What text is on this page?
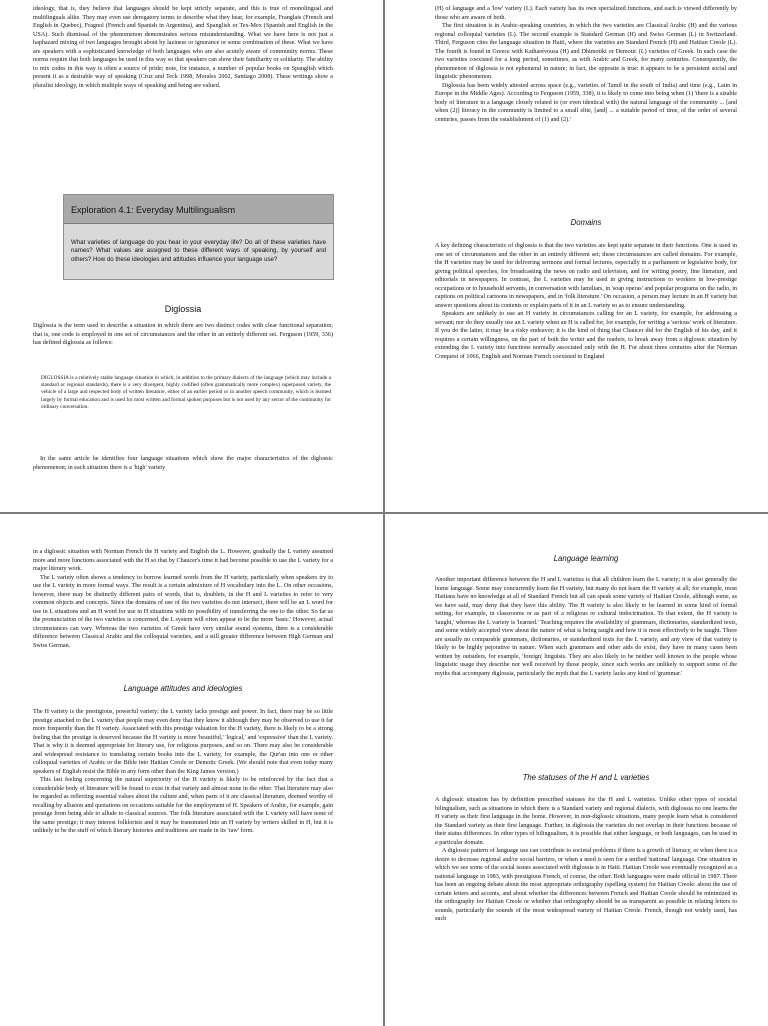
ideology, that is, they believe that languages should be kept strictly separate, and this is true of monolingual and multilinguals alike. They may even use derogatory terms to describe what they hear, for example, Franglais (French and English in Quebec), Fragnol (French and Spanish in Argentina), and Spanglish or Tex-Mex (Spanish and English in the USA). Such dismissal of the phenomenon demonstrates serious misunderstanding. What we have here is not just a haphazard mixing of two languages brought about by laziness or ignorance or some combination of these. What we have are speakers with a sophisticated knowledge of both languages who are also acutely aware of community norms. These norms require that both languages be used in this way so that speakers can show their familiarity or solidarity. The ability to mix codes in this way is often a source of pride; note, for instance, a number of popular books on Spanglish which present it as a desirable way of speaking (Cruz and Teck 1998, Morales 2002, Santiago 2008). These writings show a pluralist ideology, in which multiple ways of speaking and being are valued.

Exploration 4.1: Everyday Multilingualism
What varieties of language do you hear in your everyday life? Do all of these varieties have names? What values are assigned to these different ways of speaking, by yourself and others? How do these ideologies and attitudes influence your language use?
Diglossia

Diglossia is the term used to describe a situation in which there are two distinct codes with clear functional separation; that is, one code is employed in one set of circumstances and the other in an entirely different set. Ferguson (1959, 336) has defined diglossia as follows:

DIGLOSSIA is a relatively stable language situation in which, in addition to the primary dialects of the language (which may include a standard or regional standards), there is a very divergent, highly codified (often grammatically more complex) superposed variety, the vehicle of a large and respected body of written literature, either of an earlier period or in another speech community, which is learned largely by formal education and is used for most written and formal spoken purposes but is not used by any sector of the community for ordinary conversation.

In the same article he identifies four language situations which show the major characteristics of the diglossic phenomenon; in each situation there is a 'high' variety

(H) of language and a 'low' variety (L). Each variety has its own specialized functions, and each is viewed differently by those who are aware of both.

The first situation is in Arabic-speaking countries, in which the two varieties are Classical Arabic (H) and the various regional colloquial varieties (L). The second example is Standard German (H) and Swiss German (L) in Switzerland. Third, Ferguson cites the language situation in Haiti, where the varieties are Standard French (H) and Haitian Creole (L). The fourth is found in Greece with Katharévousa (H) and Dhimotiki or Demotic (L) varieties of Greek. In each case the two varieties coexisted for a long period, sometimes, as with Arabic and Greek, for many centuries. Consequently, the phenomenon of diglossia is not ephemeral in nature; in fact, the opposite is true: it appears to be a persistent social and linguistic phenomenon.

Diglossia has been widely attested across space (e.g., varieties of Tamil in the south of India) and time (e.g., Latin in Europe in the Middle Ages). According to Ferguson (1959, 338), it is likely to come into being when (1) 'there is a sizable body of literature in a language closely related to (or even identical with) the natural language of the community ... [and when (2)] literacy in the community is limited to a small elite, [and] ... a suitable period of time, of the order of several centuries, passes from the establishment of (1) and (2).'

Domains

A key defining characteristic of diglossia is that the two varieties are kept quite separate in their functions. One is used in one set of circumstances and the other in an entirely different set; these circumstances are called domains. For example, the H varieties may be used for delivering sermons and formal lectures, especially in a parliament or legislative body, for giving political speeches, for broadcasting the news on radio and television, and for writing poetry, fine literature, and editorials in newspapers. In contrast, the L varieties may be used in giving instructions to workers in low-prestige occupations or to household servants, in conversation with familiars, in 'soap operas' and popular programs on the radio, in captions on political cartoons in newspapers, and in 'folk literature.' On occasion, a person may lecture in an H variety but answer questions about its contents or explain parts of it in an L variety so as to ensure understanding.

Speakers are unlikely to use an H variety in circumstances calling for an L variety, for example, for addressing a servant; nor do they usually use an L variety when an H is called for, for example, for writing a 'serious' work of literature. If you do the latter, it may be a risky endeavor; it is the kind of thing that Chaucer did for the English of his day, and it requires a certain willingness, on the part of both the writer and the readers, to break away from a diglossic situation by extending the L variety into functions normally associated only with the H. For about three centuries after the Norman Conquest of 1066, English and Norman French coexisted in England

in a diglossic situation with Norman French the H variety and English the L. However, gradually the L variety assumed more and more functions associated with the H so that by Chaucer's time it had become possible to use the L variety for a major literary work.

The L variety often shows a tendency to borrow learned words from the H variety, particularly when speakers try to use the L variety in more formal ways. The result is a certain admixture of H vocabulary into the L. On other occasions, however, there may be distinctly different pairs of words, that is, doublets, in the H and L varieties to refer to very common objects and concepts. Since the domains of use of the two varieties do not intersect, there will be an L word for use in L situations and an H word for use in H situations with no possibility of transferring the one to the other. So far as the pronunciation of the two varieties is concerned, the L system will often appear to be the more 'basic.' However, actual circumstances can vary. Whereas the two varieties of Greek have very similar sound systems, there is a considerable difference between Classical Arabic and the colloquial varieties, and a still greater difference between High German and Swiss German.

Language attitudes and ideologies

The H variety is the prestigious, powerful variety; the L variety lacks prestige and power. In fact, there may be so little prestige attached to the L variety that people may even deny that they know it although they may be observed to use it far more frequently than the H variety. Associated with this prestige valuation for the H variety, there is likely to be a strong feeling that the prestige is deserved because the H variety is more 'beautiful,' 'logical,' and 'expressive' than the L variety. That is why it is deemed appropriate for literary use, for religious purposes, and so on. There may also be considerable and widespread resistance to translating certain books into the L variety, for example, the Qur'an into one or other colloquial varieties of Arabic or the Bible into Haitian Creole or Demotic Greek. (We should note that even today many speakers of English resist the Bible in any form other than the King James version.)

This last feeling concerning the natural superiority of the H variety is likely to be reinforced by the fact that a considerable body of literature will be found to exist in that variety and almost none in the other. That literature may also be regarded as reflecting essential values about the culture and, when parts of it are classical literature, deemed worthy of recalling by allusion and quotations on occasions suitable for the employment of H. Speakers of Arabic, for example, gain prestige from being able to allude to classical sources. The folk literature associated with the L variety will have none of the same prestige; it may interest folklorists and it may be transmuted into an H variety by writers skilled in H, but it is unlikely to be the stuff of which literary histories and traditions are made in its 'raw' form.

Language learning

Another important difference between the H and L varieties is that all children learn the L variety; it is also generally the home language. Some may concurrently learn the H variety, but many do not learn the H variety at all; for example, most Haitians have no knowledge at all of Standard French but all can speak some variety of Haitian Creole, although some, as we have said, may deny that they have this ability. The H variety is also likely to be learned in some kind of formal setting, for example, in classrooms or as part of a religious or cultural indoctrination. To that extent, the H variety is 'taught,' whereas the L variety is 'learned.' Teaching requires the availability of grammars, dictionaries, standardized texts, and some widely accepted view about the nature of what is being taught and how it is most effectively to be taught. There are usually no comparable grammars, dictionaries, or standardized texts for the L variety, and any view of that variety is likely to be highly pejorative in nature. When such grammars and other aids do exist, they have in many cases been written by outsiders, for example, 'foreign' linguists. They are also likely to be neither well known to the people whose linguistic usage they describe nor well received by those people, since such works are unlikely to support some of the myths that accompany diglossia, particularly the myth that the L variety lacks any kind of 'grammar.'

The statuses of the H and L varieties

A diglossic situation has by definition prescribed statuses for the H and L varieties. Unlike other types of societal bilingualism, such as situations in which there is a Standard variety and regional dialects, with diglossia no one learns the H variety as their first language in the home. However, in non-diglossic situations, many people learn what is considered the Standard variety as their first language. Further, in diglossia the varieties do not overlap in their functions because of their status differences. In other types of bilingualism, it is possible that either language, or both languages, can be used in a particular domain.

A diglossic pattern of language use can contribute to societal problems if there is a growth of literacy, or when there is a desire to decrease regional and/or social barriers, or when a need is seen for a unified 'national' language. One situation in which we see some of the social issues associated with diglossia is in Haiti. Haitian Creole was eventually recognized as a national language in 1983, with prestigious French, of course, the other. Both languages were made official in 1987. There has been an ongoing debate about the most appropriate orthography (spelling system) for Haitian Creole: about the use of certain letters and accents, and about whether the differences between French and Haitian Creole should be minimized in the orthography for Haitian Creole or whether that orthography should be as transparent as possible in relating letters to sounds, particularly the sounds of the most widespread variety of Haitian Creole. French, though not widely used, has such
